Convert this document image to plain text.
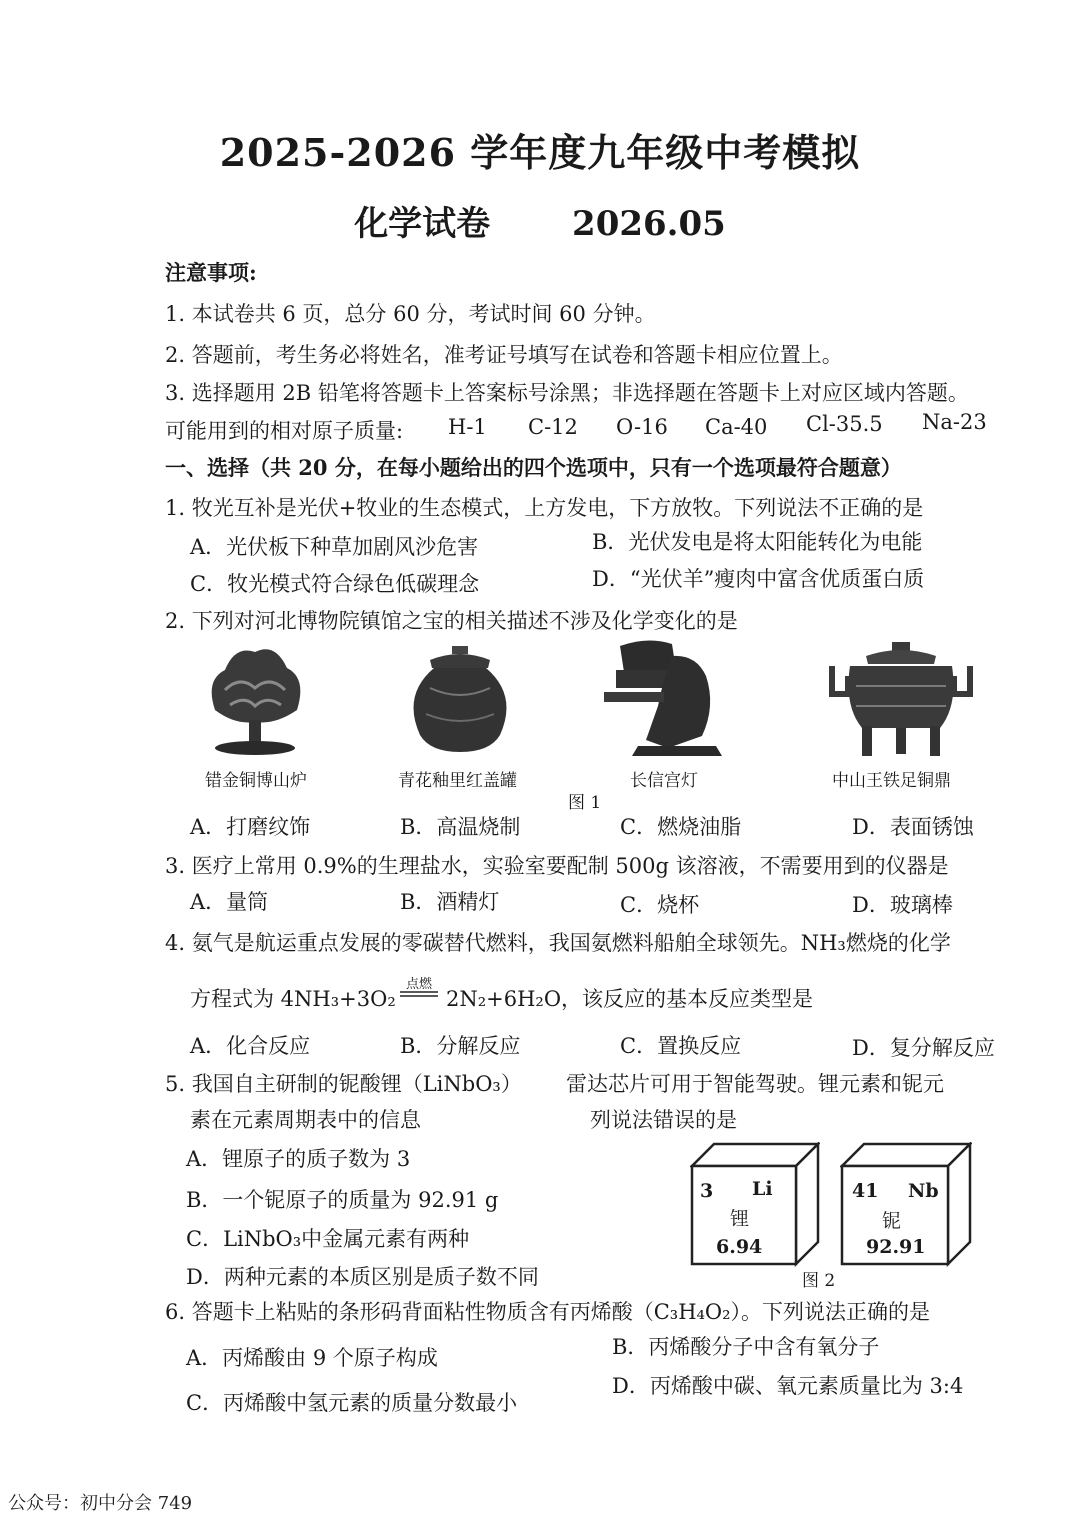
2025-2026 学年度九年级中考模拟
化学试卷 2026.05
注意事项:
1. 本试卷共 6 页，总分 60 分，考试时间 60 分钟。
2. 答题前，考生务必将姓名，准考证号填写在试卷和答题卡相应位置上。
3. 选择题用 2B 铅笔将答题卡上答案标号涂黑；非选择题在答题卡上对应区域内答题。
可能用到的相对原子质量: H-1 C-12 O-16 Ca-40 Cl-35.5 Na-23
一、选择（共 20 分，在每小题给出的四个选项中，只有一个选项最符合题意）
1. 牧光互补是光伏+牧业的生态模式，上方发电，下方放牧。下列说法不正确的是
A．光伏板下种草加剧风沙危害	B．光伏发电是将太阳能转化为电能
C．牧光模式符合绿色低碳理念	D．“光伏羊”瘦肉中富含优质蛋白质
2. 下列对河北博物院镇馆之宝的相关描述不涉及化学变化的是
错金铜博山炉	青花釉里红盖罐	长信宫灯	中山王铁足铜鼎
图 1
A．打磨纹饰	B．高温烧制	C．燃烧油脂	D．表面锈蚀
3. 医疗上常用 0.9%的生理盐水，实验室要配制 500g 该溶液，不需要用到的仪器是
A．量筒	B．酒精灯	C．烧杯	D．玻璃棒
4. 氨气是航运重点发展的零碳替代燃料，我国氨燃料船舶全球领先。NH₃燃烧的化学
方程式为 4NH₃+3O₂
点燃
2N₂+6H₂O，该反应的基本反应类型是
A．化合反应	B．分解反应	C．置换反应	D．复分解反应
5. 我国自主研制的铌酸锂（LiNbO₃） 雷达芯片可用于智能驾驶。锂元素和铌元
素在元素周期表中的信息	列说法错误的是
A．锂原子的质子数为 3
B．一个铌原子的质量为 92.91 g
C．LiNbO₃中金属元素有两种
D．两种元素的本质区别是质子数不同
3 Li
锂
6.94
41 Nb
铌
92.91
图 2
6. 答题卡上粘贴的条形码背面粘性物质含有丙烯酸（C₃H₄O₂）。下列说法正确的是
A．丙烯酸由 9 个原子构成	B．丙烯酸分子中含有氧分子
C．丙烯酸中氢元素的质量分数最小
D．丙烯酸中碳、氧元素质量比为 3:4
公众号：初中分会 749
